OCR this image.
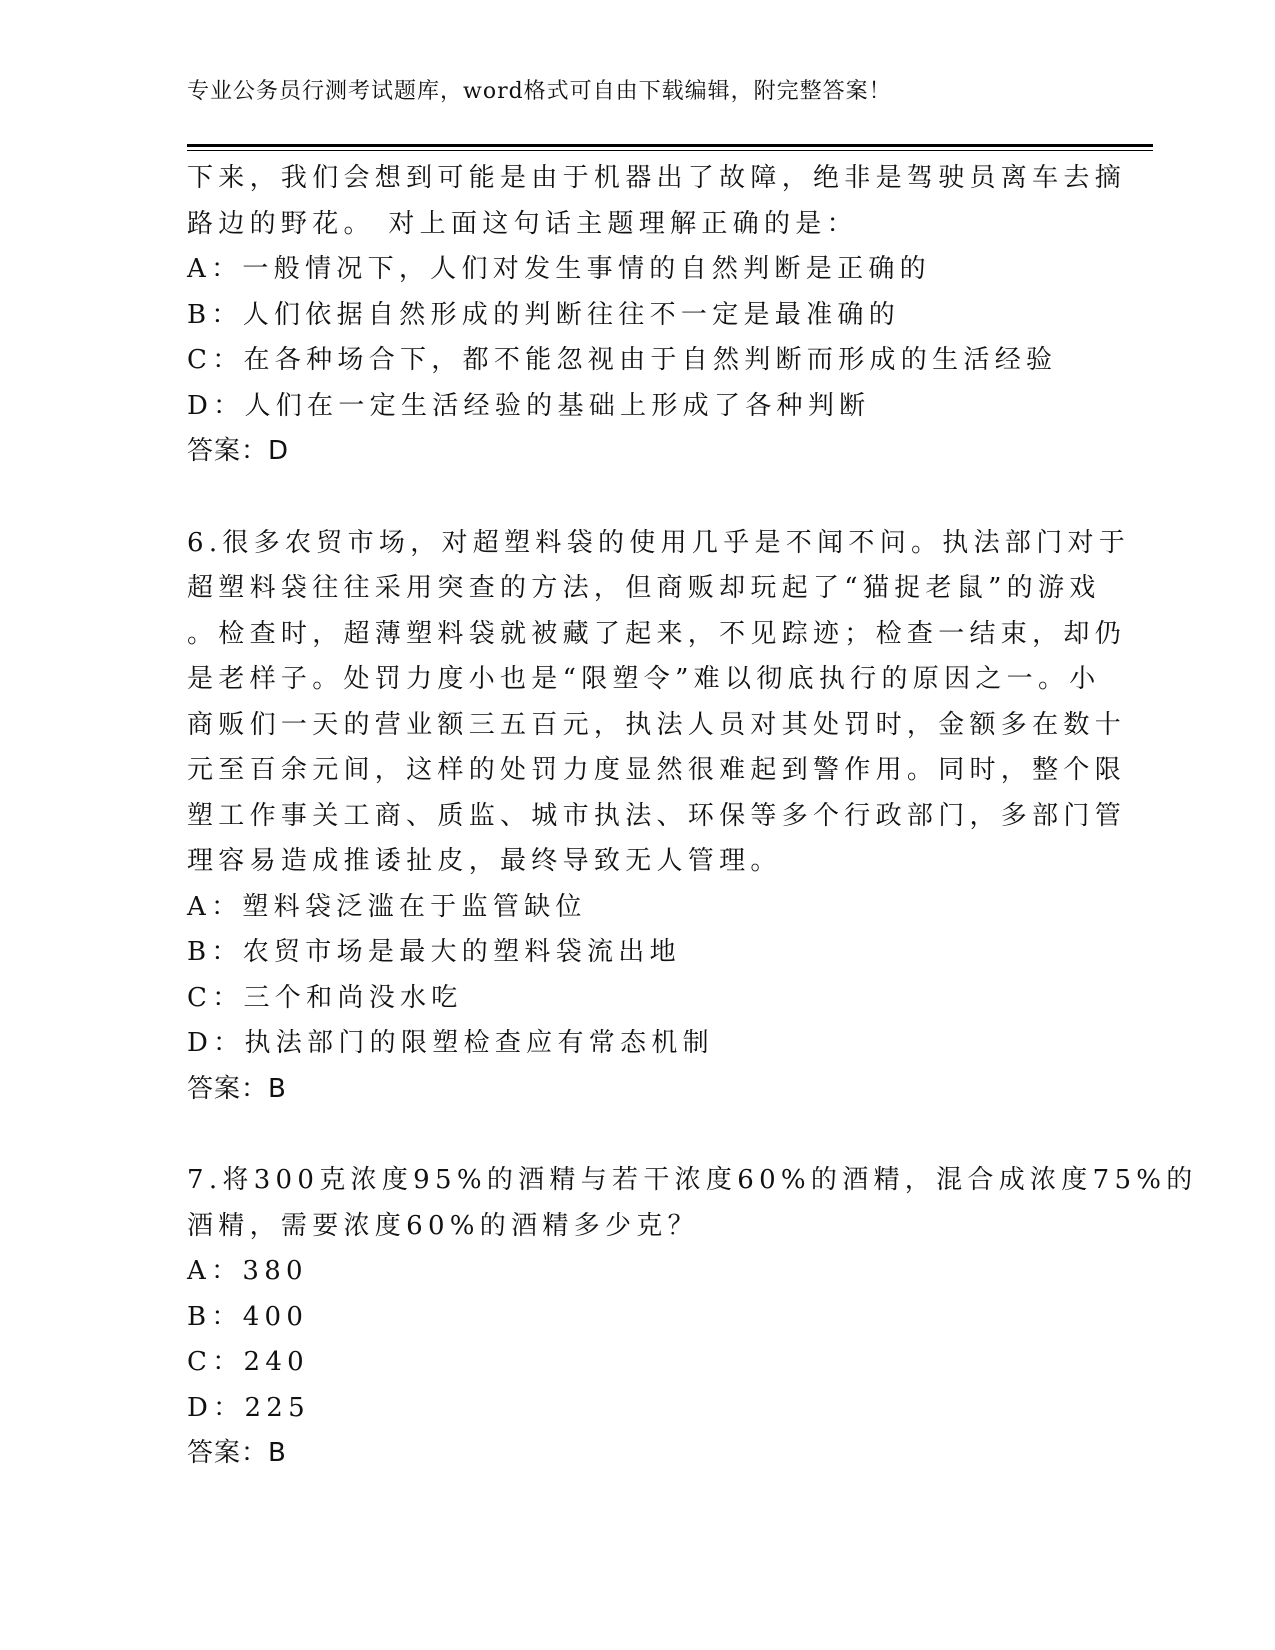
专业公务员行测考试题库，word格式可自由下载编辑，附完整答案！
下来，我们会想到可能是由于机器出了故障，绝非是驾驶员离车去摘
路边的野花。 对上面这句话主题理解正确的是：
A：一般情况下，人们对发生事情的自然判断是正确的
B：人们依据自然形成的判断往往不一定是最准确的
C：在各种场合下，都不能忽视由于自然判断而形成的生活经验
D：人们在一定生活经验的基础上形成了各种判断
答案：D
6.很多农贸市场，对超塑料袋的使用几乎是不闻不问。执法部门对于
超塑料袋往往采用突查的方法，但商贩却玩起了“猫捉老鼠”的游戏
。检查时，超薄塑料袋就被藏了起来，不见踪迹；检查一结束，却仍
是老样子。处罚力度小也是“限塑令”难以彻底执行的原因之一。小
商贩们一天的营业额三五百元，执法人员对其处罚时，金额多在数十
元至百余元间，这样的处罚力度显然很难起到警作用。同时，整个限
塑工作事关工商、质监、城市执法、环保等多个行政部门，多部门管
理容易造成推诿扯皮，最终导致无人管理。
A：塑料袋泛滥在于监管缺位
B：农贸市场是最大的塑料袋流出地
C：三个和尚没水吃
D：执法部门的限塑检查应有常态机制
答案：B
7.将300克浓度95%的酒精与若干浓度60%的酒精，混合成浓度75%的
酒精，需要浓度60%的酒精多少克？
A：380
B：400
C：240
D：225
答案：B
